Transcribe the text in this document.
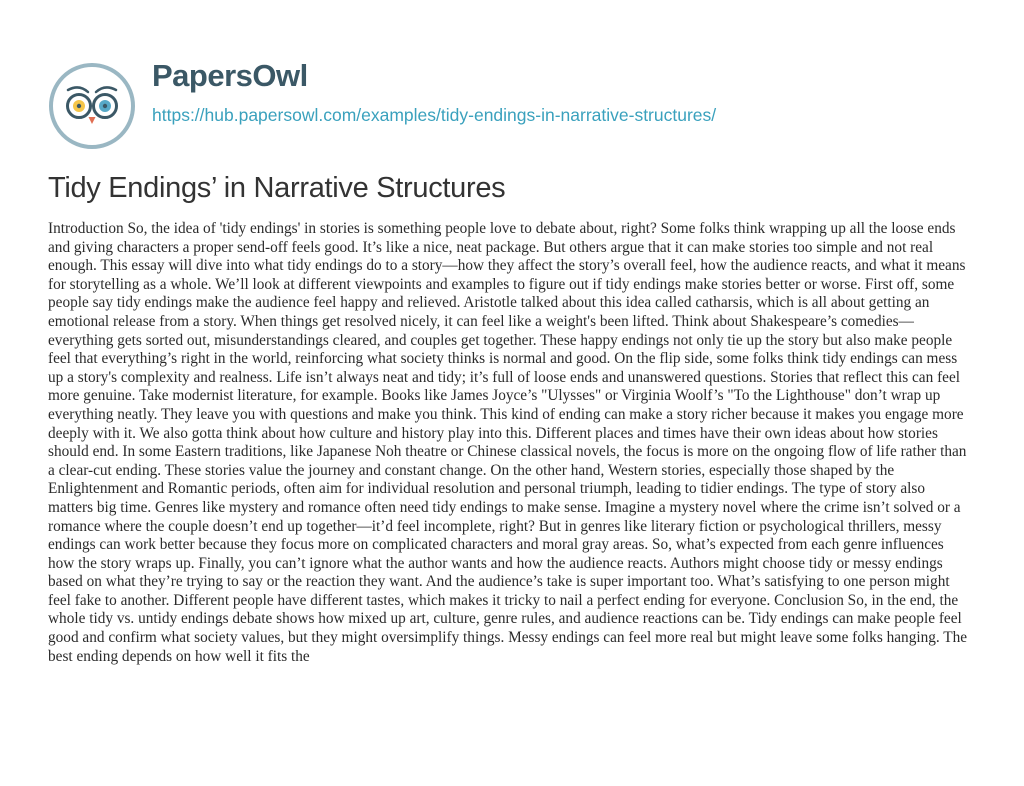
PapersOwl
https://hub.papersowl.com/examples/tidy-endings-in-narrative-structures/
Tidy Endings’ in Narrative Structures

Introduction So, the idea of 'tidy endings' in stories is something people love to debate about, right? Some folks think wrapping up all the loose ends and giving characters a proper send-off feels good. It’s like a nice, neat package. But others argue that it can make stories too simple and not real enough. This essay will dive into what tidy endings do to a story—how they affect the story’s overall feel, how the audience reacts, and what it means for storytelling as a whole. We’ll look at different viewpoints and examples to figure out if tidy endings make stories better or worse. First off, some people say tidy endings make the audience feel happy and relieved. Aristotle talked about this idea called catharsis, which is all about getting an emotional release from a story. When things get resolved nicely, it can feel like a weight's been lifted. Think about Shakespeare’s comedies—everything gets sorted out, misunderstandings cleared, and couples get together. These happy endings not only tie up the story but also make people feel that everything’s right in the world, reinforcing what society thinks is normal and good. On the flip side, some folks think tidy endings can mess up a story's complexity and realness. Life isn’t always neat and tidy; it’s full of loose ends and unanswered questions. Stories that reflect this can feel more genuine. Take modernist literature, for example. Books like James Joyce’s "Ulysses" or Virginia Woolf’s "To the Lighthouse" don’t wrap up everything neatly. They leave you with questions and make you think. This kind of ending can make a story richer because it makes you engage more deeply with it. We also gotta think about how culture and history play into this. Different places and times have their own ideas about how stories should end. In some Eastern traditions, like Japanese Noh theatre or Chinese classical novels, the focus is more on the ongoing flow of life rather than a clear-cut ending. These stories value the journey and constant change. On the other hand, Western stories, especially those shaped by the Enlightenment and Romantic periods, often aim for individual resolution and personal triumph, leading to tidier endings. The type of story also matters big time. Genres like mystery and romance often need tidy endings to make sense. Imagine a mystery novel where the crime isn’t solved or a romance where the couple doesn’t end up together—it’d feel incomplete, right? But in genres like literary fiction or psychological thrillers, messy endings can work better because they focus more on complicated characters and moral gray areas. So, what’s expected from each genre influences how the story wraps up. Finally, you can’t ignore what the author wants and how the audience reacts. Authors might choose tidy or messy endings based on what they’re trying to say or the reaction they want. And the audience’s take is super important too. What’s satisfying to one person might feel fake to another. Different people have different tastes, which makes it tricky to nail a perfect ending for everyone. Conclusion So, in the end, the whole tidy vs. untidy endings debate shows how mixed up art, culture, genre rules, and audience reactions can be. Tidy endings can make people feel good and confirm what society values, but they might oversimplify things. Messy endings can feel more real but might leave some folks hanging. The best ending depends on how well it fits the
